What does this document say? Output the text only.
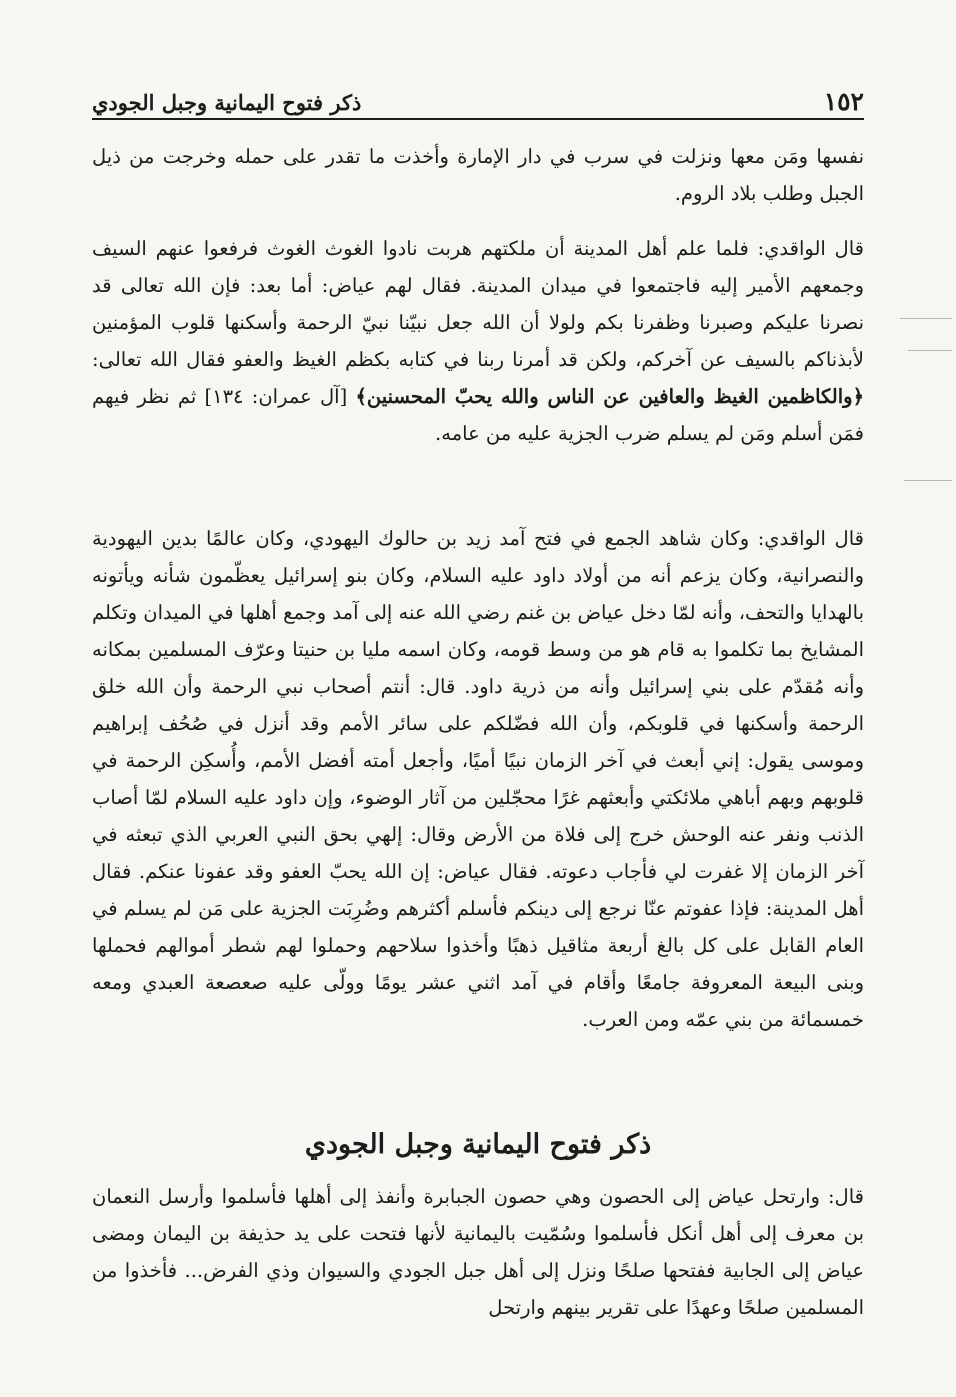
١٥٢
ذكر فتوح اليمانية وجبل الجودي

نفسها ومَن معها ونزلت في سرب في دار الإمارة وأخذت ما تقدر على حمله وخرجت من ذيل الجبل وطلب بلاد الروم.

قال الواقدي: فلما علم أهل المدينة أن ملكتهم هربت نادوا الغوث الغوث فرفعوا عنهم السيف وجمعهم الأمير إليه فاجتمعوا في ميدان المدينة. فقال لهم عياض: أما بعد: فإن الله تعالى قد نصرنا عليكم وصبرنا وظفرنا بكم ولولا أن الله جعل نبيّنا نبيّ الرحمة وأسكنها قلوب المؤمنين لأبذناكم بالسيف عن آخركم، ولكن قد أمرنا ربنا في كتابه بكظم الغيظ والعفو فقال الله تعالى: ﴿والكاظمين الغيظ والعافين عن الناس والله يحبّ المحسنين﴾ [آل عمران: ١٣٤] ثم نظر فيهم فمَن أسلم ومَن لم يسلم ضرب الجزية عليه من عامه.

قال الواقدي: وكان شاهد الجمع في فتح آمد زيد بن حالوك اليهودي، وكان عالمًا بدين اليهودية والنصرانية، وكان يزعم أنه من أولاد داود عليه السلام، وكان بنو إسرائيل يعظّمون شأنه ويأتونه بالهدايا والتحف، وأنه لمّا دخل عياض بن غنم رضي الله عنه إلى آمد وجمع أهلها في الميدان وتكلم المشايخ بما تكلموا به قام هو من وسط قومه، وكان اسمه مليا بن حنيتا وعرّف المسلمين بمكانه وأنه مُقدّم على بني إسرائيل وأنه من ذرية داود. قال: أنتم أصحاب نبي الرحمة وأن الله خلق الرحمة وأسكنها في قلوبكم، وأن الله فضّلكم على سائر الأمم وقد أنزل في صُحُف إبراهيم وموسى يقول: إني أبعث في آخر الزمان نبيًا أميًا، وأجعل أمته أفضل الأمم، وأُسكِن الرحمة في قلوبهم وبهم أباهي ملائكتي وأبعثهم غرًا محجّلين من آثار الوضوء، وإن داود عليه السلام لمّا أصاب الذنب ونفر عنه الوحش خرج إلى فلاة من الأرض وقال: إلهي بحق النبي العربي الذي تبعثه في آخر الزمان إلا غفرت لي فأجاب دعوته. فقال عياض: إن الله يحبّ العفو وقد عفونا عنكم. فقال أهل المدينة: فإذا عفوتم عنّا نرجع إلى دينكم فأسلم أكثرهم وضُرِبَت الجزية على مَن لم يسلم في العام القابل على كل بالغ أربعة مثاقيل ذهبًا وأخذوا سلاحهم وحملوا لهم شطر أموالهم فحملها وبنى البيعة المعروفة جامعًا وأقام في آمد اثني عشر يومًا وولّى عليه صعصعة العبدي ومعه خمسمائة من بني عمّه ومن العرب.

ذكر فتوح اليمانية وجبل الجودي

قال: وارتحل عياض إلى الحصون وهي حصون الجبابرة وأنفذ إلى أهلها فأسلموا وأرسل النعمان بن معرف إلى أهل أنكل فأسلموا وسُمّيت باليمانية لأنها فتحت على يد حذيفة بن اليمان ومضى عياض إلى الجابية ففتحها صلحًا ونزل إلى أهل جبل الجودي والسيوان وذي الفرض... فأخذوا من المسلمين صلحًا وعهدًا على تقرير بينهم وارتحل
